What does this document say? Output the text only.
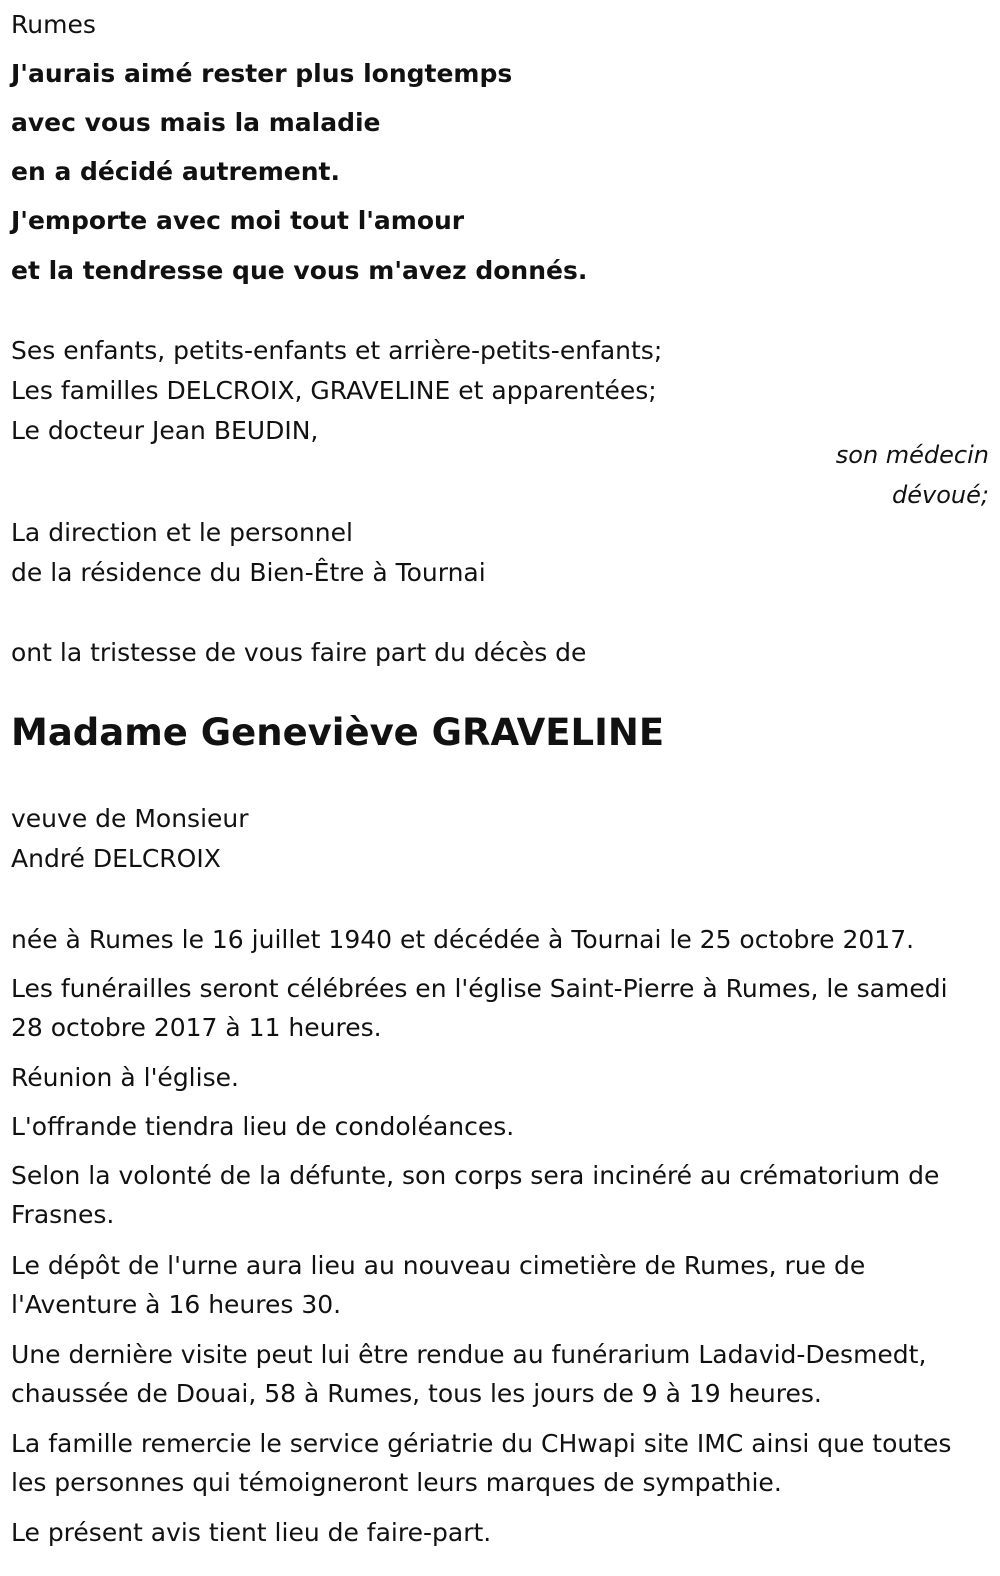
Rumes
J'aurais aimé rester plus longtemps
avec vous mais la maladie
en a décidé autrement.
J'emporte avec moi tout l'amour
et la tendresse que vous m'avez donnés.
Ses enfants, petits-enfants et arrière-petits-enfants;
Les familles DELCROIX, GRAVELINE et apparentées;
Le docteur Jean BEUDIN,
son médecin
dévoué;
La direction et le personnel
de la résidence du Bien-Être à Tournai
ont la tristesse de vous faire part du décès de
Madame Geneviève GRAVELINE
veuve de Monsieur
André DELCROIX
née à Rumes le 16 juillet 1940 et décédée à Tournai le 25 octobre 2017.
Les funérailles seront célébrées en l'église Saint-Pierre à Rumes, le samedi 28 octobre 2017 à 11 heures.
Réunion à l'église.
L'offrande tiendra lieu de condoléances.
Selon la volonté de la défunte, son corps sera incinéré au crématorium de Frasnes.
Le dépôt de l'urne aura lieu au nouveau cimetière de Rumes, rue de l'Aventure à 16 heures 30.
Une dernière visite peut lui être rendue au funérarium Ladavid-Desmedt, chaussée de Douai, 58 à Rumes, tous les jours de 9 à 19 heures.
La famille remercie le service gériatrie du CHwapi site IMC ainsi que toutes les personnes qui témoigneront leurs marques de sympathie.
Le présent avis tient lieu de faire-part.
